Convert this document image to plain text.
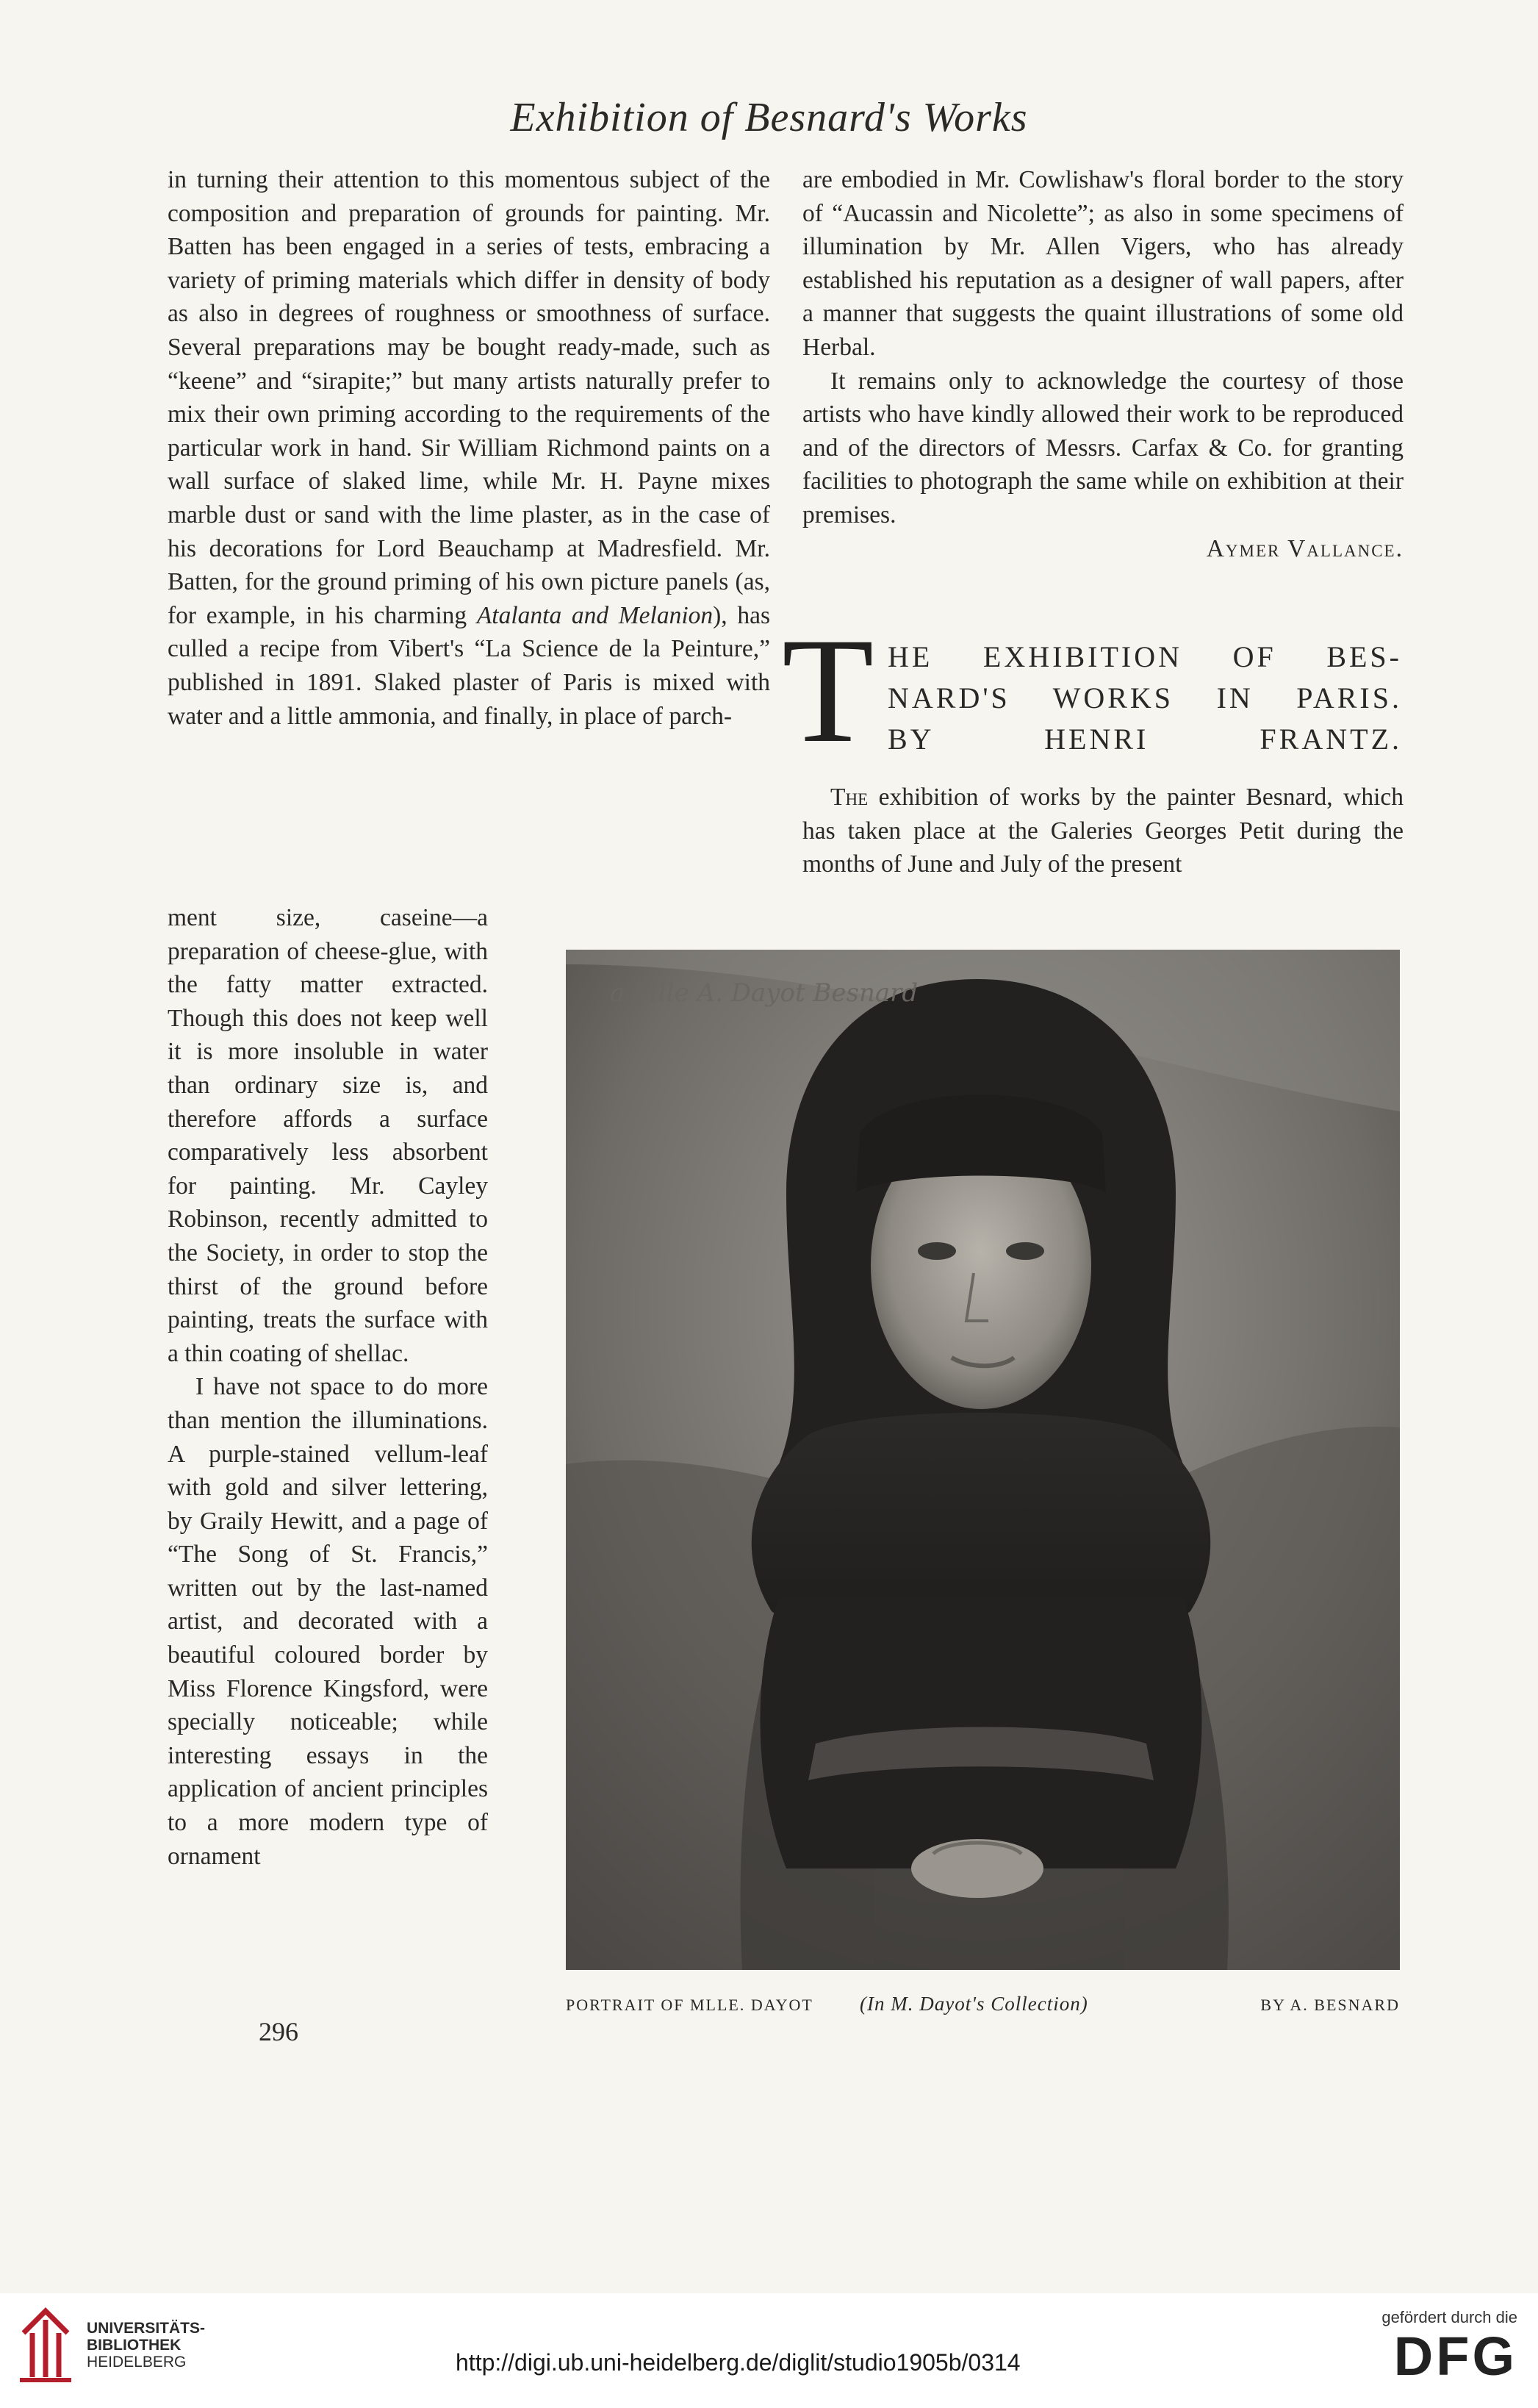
Exhibition of Besnard's Works

in turning their attention to this momentous subject of the composition and preparation of grounds for painting. Mr. Batten has been engaged in a series of tests, embracing a variety of priming materials which differ in density of body as also in degrees of roughness or smoothness of surface. Several preparations may be bought ready-made, such as “keene” and “sirapite;” but many artists naturally prefer to mix their own priming according to the requirements of the particular work in hand. Sir William Richmond paints on a wall surface of slaked lime, while Mr. H. Payne mixes marble dust or sand with the lime plaster, as in the case of his decorations for Lord Beauchamp at Madresfield. Mr. Batten, for the ground priming of his own picture panels (as, for example, in his charming Atalanta and Melanion), has culled a recipe from Vibert's “La Science de la Peinture,” published in 1891. Slaked plaster of Paris is mixed with water and a little ammonia, and finally, in place of parch-

ment size, caseine—a preparation of cheese-glue, with the fatty matter extracted. Though this does not keep well it is more insoluble in water than ordinary size is, and therefore affords a surface comparatively less absorbent for painting. Mr. Cayley Robinson, recently admitted to the Society, in order to stop the thirst of the ground before painting, treats the surface with a thin coating of shellac.

I have not space to do more than mention the illuminations. A purple-stained vellum-leaf with gold and silver lettering, by Graily Hewitt, and a page of “The Song of St. Francis,” written out by the last-named artist, and decorated with a beautiful coloured border by Miss Florence Kingsford, were specially noticeable; while interesting essays in the application of ancient principles to a more modern type of ornament

are embodied in Mr. Cowlishaw's floral border to the story of “Aucassin and Nicolette”; as also in some specimens of illumination by Mr. Allen Vigers, who has already established his reputation as a designer of wall papers, after a manner that suggests the quaint illustrations of some old Herbal.

It remains only to acknowledge the courtesy of those artists who have kindly allowed their work to be reproduced and of the directors of Messrs. Carfax & Co. for granting facilities to photograph the same while on exhibition at their premises.

Aymer Vallance.

T HE EXHIBITION OF BES-
NARD'S WORKS IN PARIS.
BY HENRI FRANTZ.

The exhibition of works by the painter Besnard, which has taken place at the Galeries Georges Petit during the months of June and July of the present

a Mlle A. Dayot Besnard
PORTRAIT OF MLLE. DAYOT (In M. Dayot's Collection)	BY A. BESNARD
296
UNIVERSITÄTS-
BIBLIOTHEK
HEIDELBERG	http://digi.ub.uni-heidelberg.de/diglit/studio1905b/0314
gefördert durch die
DFG
